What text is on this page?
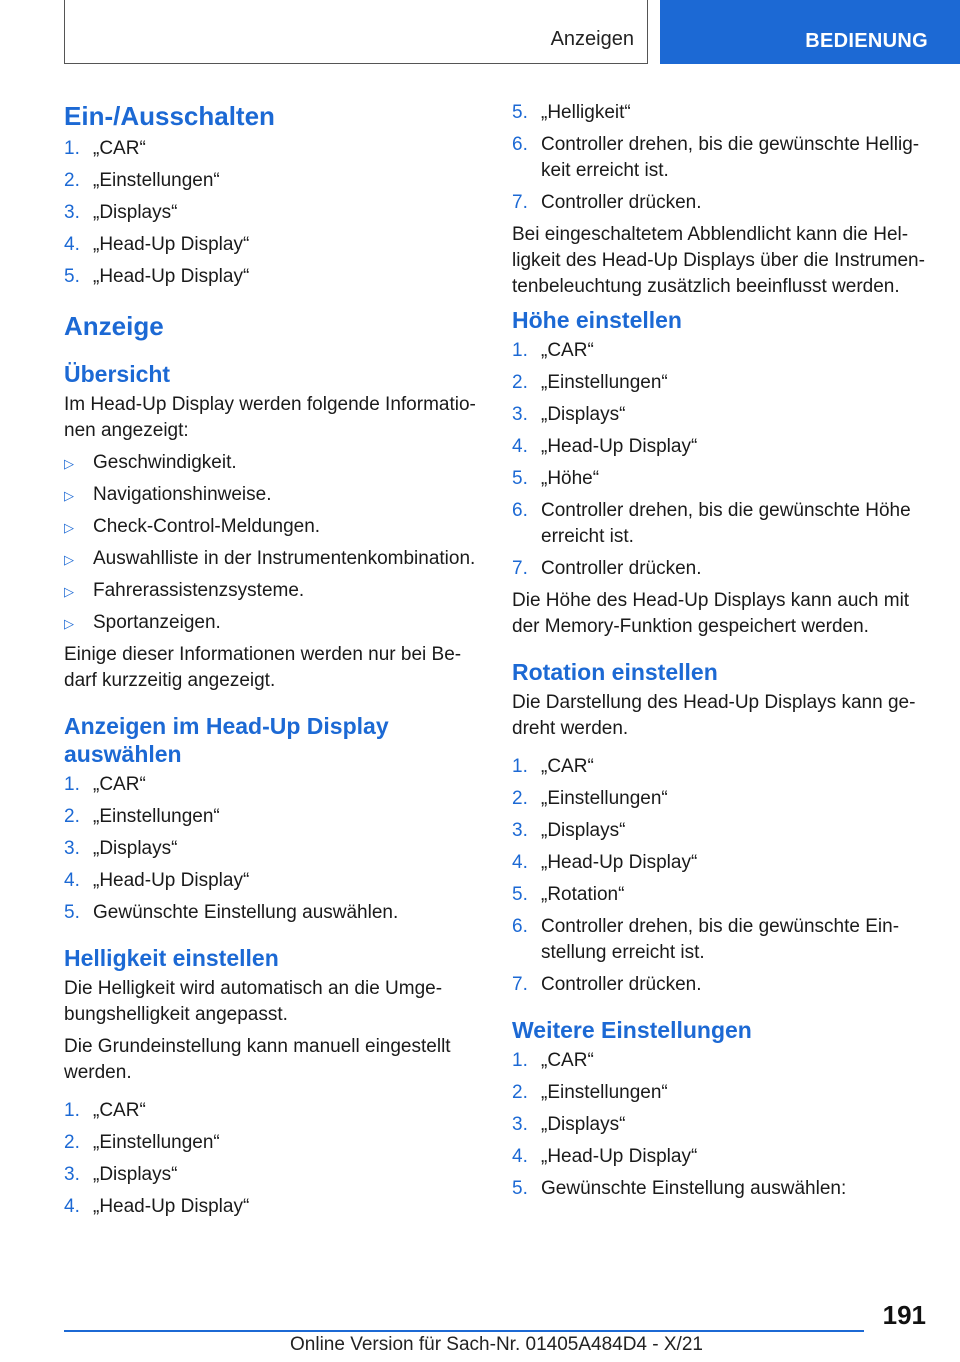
Anzeigen	BEDIENUNG
Ein-/Ausschalten
1. „CAR“
2. „Einstellungen“
3. „Displays“
4. „Head-Up Display“
5. „Head-Up Display“
Anzeige
Übersicht

Im Head-Up Display werden folgende Informatio‐ nen angezeigt:

▷ Geschwindigkeit.
▷ Navigationshinweise.
▷ Check-Control-Meldungen.
▷ Auswahlliste in der Instrumentenkombination.
▷ Fahrerassistenzsysteme.
▷ Sportanzeigen.

Einige dieser Informationen werden nur bei Be‐ darf kurzzeitig angezeigt.

Anzeigen im Head-Up Display auswählen
1. „CAR“
2. „Einstellungen“
3. „Displays“
4. „Head-Up Display“
5. Gewünschte Einstellung auswählen.
Helligkeit einstellen

Die Helligkeit wird automatisch an die Umge‐ bungshelligkeit angepasst.

Die Grundeinstellung kann manuell eingestellt werden.

1. „CAR“
2. „Einstellungen“
3. „Displays“
4. „Head-Up Display“
5. „Helligkeit“
6. Controller drehen, bis die gewünschte Hellig‐ keit erreicht ist.
7. Controller drücken.

Bei eingeschaltetem Abblendlicht kann die Hel‐ ligkeit des Head-Up Displays über die Instrumen‐ tenbeleuchtung zusätzlich beeinflusst werden.

Höhe einstellen
1. „CAR“
2. „Einstellungen“
3. „Displays“
4. „Head-Up Display“
5. „Höhe“
6. Controller drehen, bis die gewünschte Höhe erreicht ist.
7. Controller drücken.

Die Höhe des Head-Up Displays kann auch mit der Memory-Funktion gespeichert werden.

Rotation einstellen

Die Darstellung des Head-Up Displays kann ge‐ dreht werden.

1. „CAR“
2. „Einstellungen“
3. „Displays“
4. „Head-Up Display“
5. „Rotation“
6. Controller drehen, bis die gewünschte Ein‐ stellung erreicht ist.
7. Controller drücken.
Weitere Einstellungen
1. „CAR“
2. „Einstellungen“
3. „Displays“
4. „Head-Up Display“
5. Gewünschte Einstellung auswählen:
191
Online Version für Sach-Nr. 01405A484D4 - X/21
